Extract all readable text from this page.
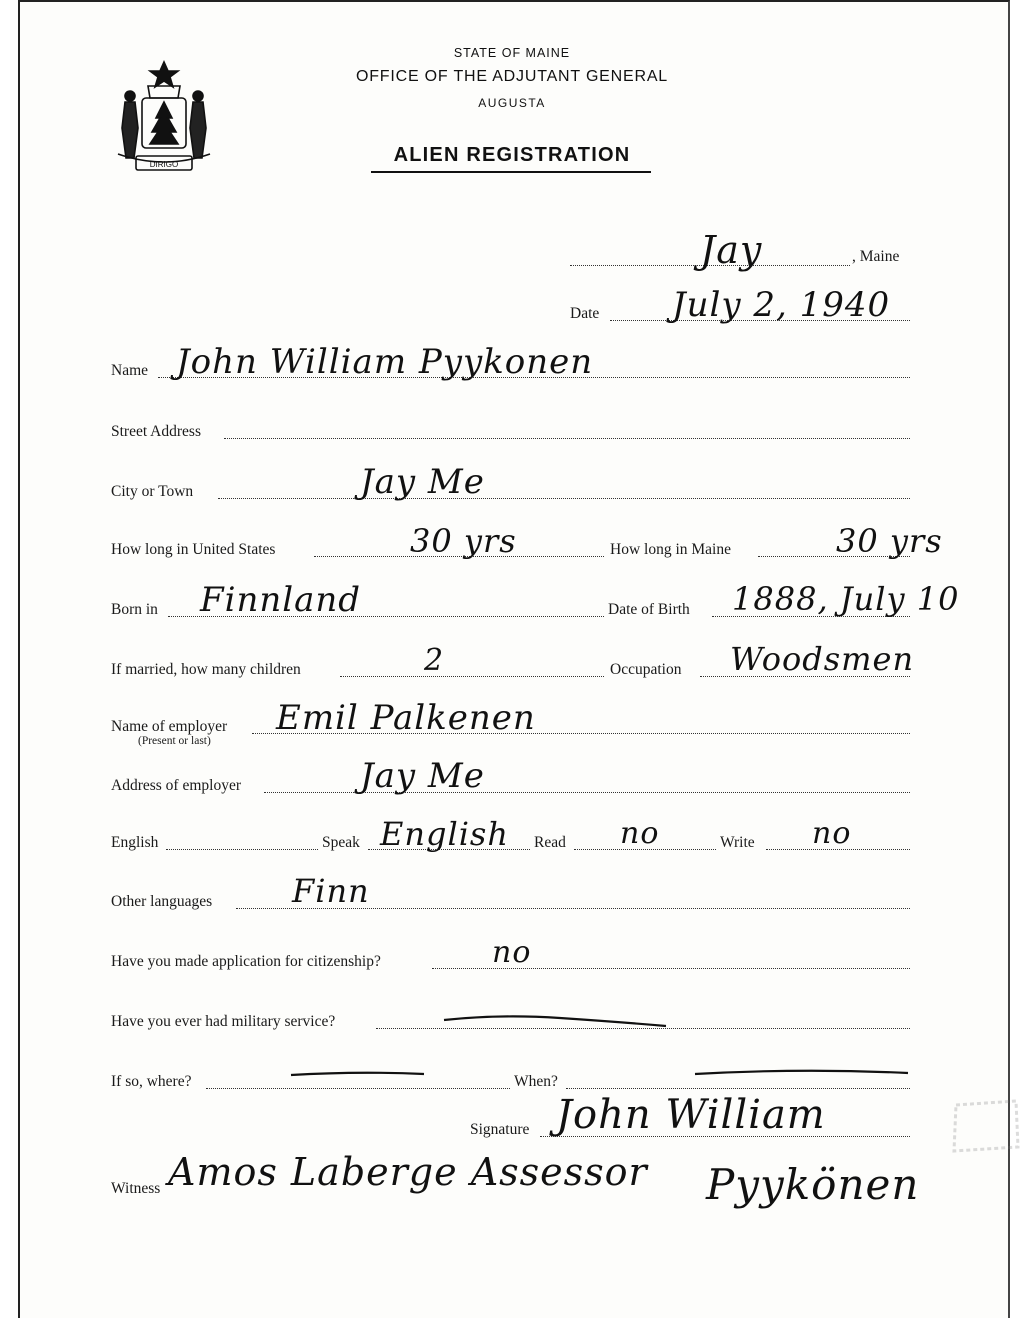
DIRIGO
STATE OF MAINE
OFFICE OF THE ADJUTANT GENERAL
AUGUSTA
ALIEN REGISTRATION
, Maine
Jay
Date July 2, 1940
Name John William Pyykonen
Street Address
City or Town	Jay Me
How long in United States	30 yrs	How long in Maine	30 yrs
Born in Finnland	Date of Birth 1888, July 10
If married, how many children	2	Occupation Woodsmen
Name of employer
(Present or last)
Emil Palkenen
Address of employer	Jay Me
English	Speak English Read no	Write no
Other languages Finn
Have you made application for citizenship?	no
Have you ever had military service?
If so, where?	When?
Signature John William
Pyykönen
Witness Amos Laberge Assessor
